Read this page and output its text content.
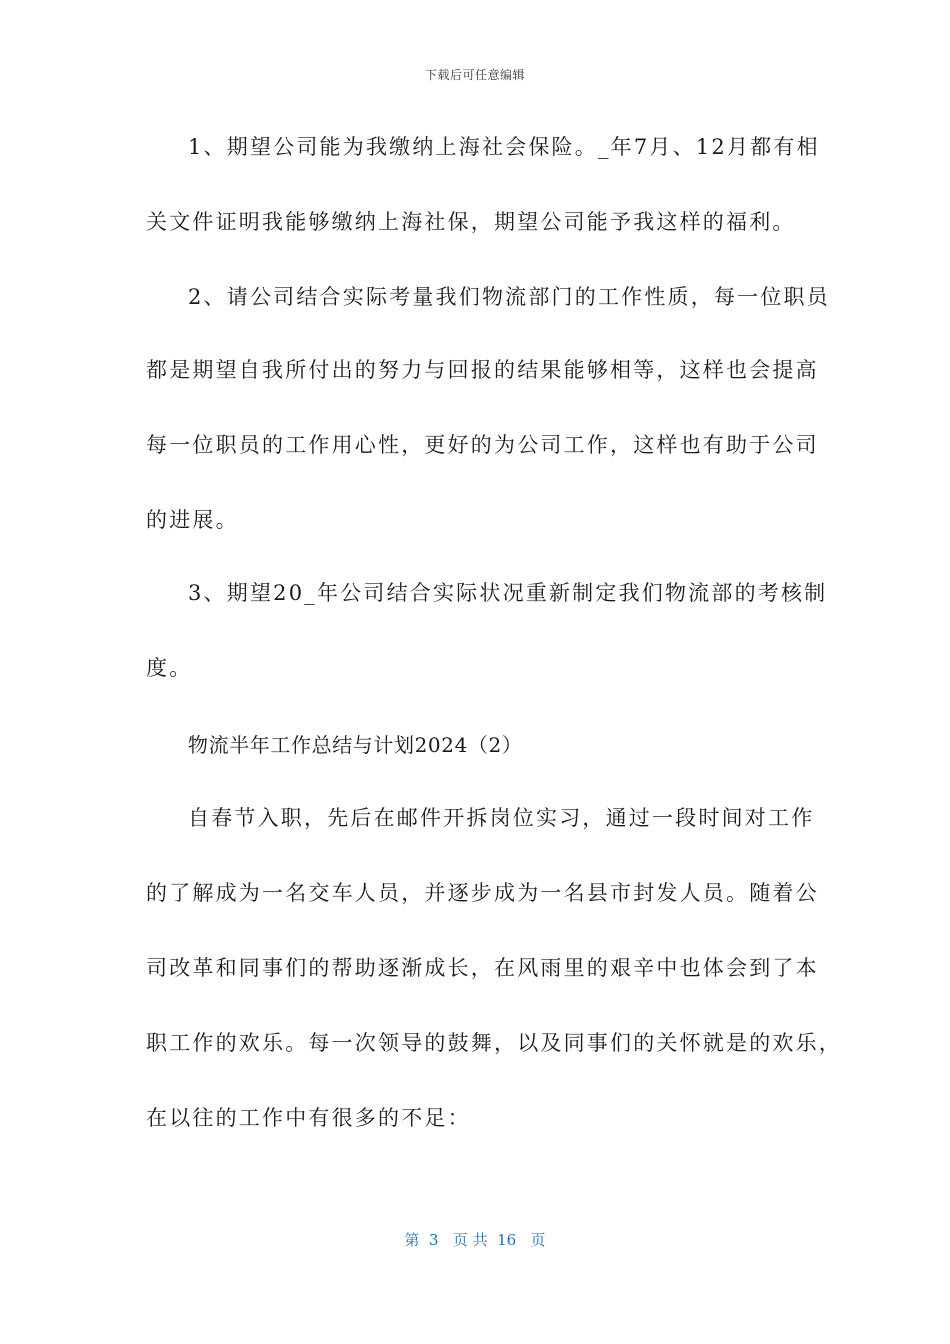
下载后可任意编辑
1、期望公司能为我缴纳上海社会保险。_年7月、12月都有相
关文件证明我能够缴纳上海社保，期望公司能予我这样的福利。
2、请公司结合实际考量我们物流部门的工作性质，每一位职员
都是期望自我所付出的努力与回报的结果能够相等，这样也会提高
每一位职员的工作用心性，更好的为公司工作，这样也有助于公司
的进展。
3、期望20_年公司结合实际状况重新制定我们物流部的考核制
度。
物流半年工作总结与计划2024（2）
自春节入职，先后在邮件开拆岗位实习，通过一段时间对工作
的了解成为一名交车人员，并逐步成为一名县市封发人员。随着公
司改革和同事们的帮助逐渐成长，在风雨里的艰辛中也体会到了本
职工作的欢乐。每一次领导的鼓舞，以及同事们的关怀就是的欢乐，
在以往的工作中有很多的不足：
第  3   页 共  16   页
